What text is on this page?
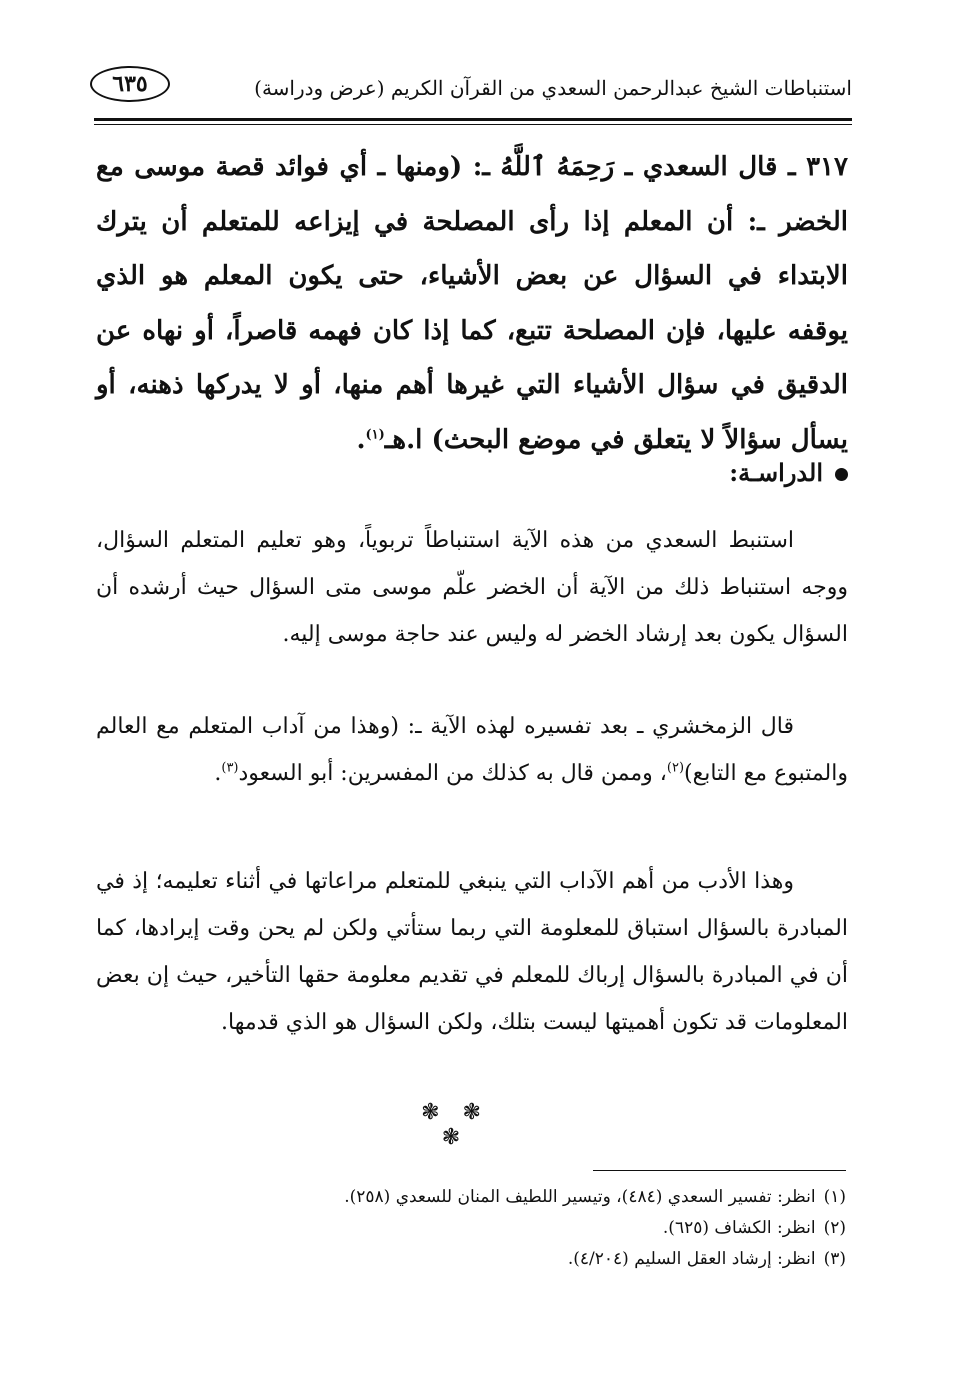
استنباطات الشيخ عبدالرحمن السعدي من القرآن الكريم (عرض ودراسة)
٦٣٥
٣١٧ ـ قال السعدي ـ رَحِمَهُ ٱللَّهُ ـ: (ومنها ـ أي فوائد قصة موسى مع الخضر ـ: أن المعلم إذا رأى المصلحة في إيزاعه للمتعلم أن يترك الابتداء في السؤال عن بعض الأشياء، حتى يكون المعلم هو الذي يوقفه عليها، فإن المصلحة تتبع، كما إذا كان فهمه قاصراً، أو نهاه عن الدقيق في سؤال الأشياء التي غيرها أهم منها، أو لا يدركها ذهنه، أو يسأل سؤالاً لا يتعلق في موضع البحث) ا.هـ$^{(١)}$.
الدراسـة:
استنبط السعدي من هذه الآية استنباطاً تربوياً، وهو تعليم المتعلم السؤال، ووجه استنباط ذلك من الآية أن الخضر علّم موسى متى السؤال حيث أرشده أن السؤال يكون بعد إرشاد الخضر له وليس عند حاجة موسى إليه.
قال الزمخشري ـ بعد تفسيره لهذه الآية ـ: (وهذا من آداب المتعلم مع العالم والمتبوع مع التابع)$^{(٢)}$، وممن قال به كذلك من المفسرين: أبو السعود$^{(٣)}$.
وهذا الأدب من أهم الآداب التي ينبغي للمتعلم مراعاتها في أثناء تعليمه؛ إذ في المبادرة بالسؤال استباق للمعلومة التي ربما ستأتي ولكن لم يحن وقت إيرادها، كما أن في المبادرة بالسؤال إرباك للمعلم في تقديم معلومة حقها التأخير، حيث إن بعض المعلومات قد تكون أهميتها ليست بتلك، ولكن السؤال هو الذي قدمها.
❃ ❃ ❃
(١)انظر: تفسير السعدي (٤٨٤)، وتيسير اللطيف المنان للسعدي (٢٥٨).
(٢)انظر: الكشاف (٦٢٥).
(٣)انظر: إرشاد العقل السليم (٤/٢٠٤).
